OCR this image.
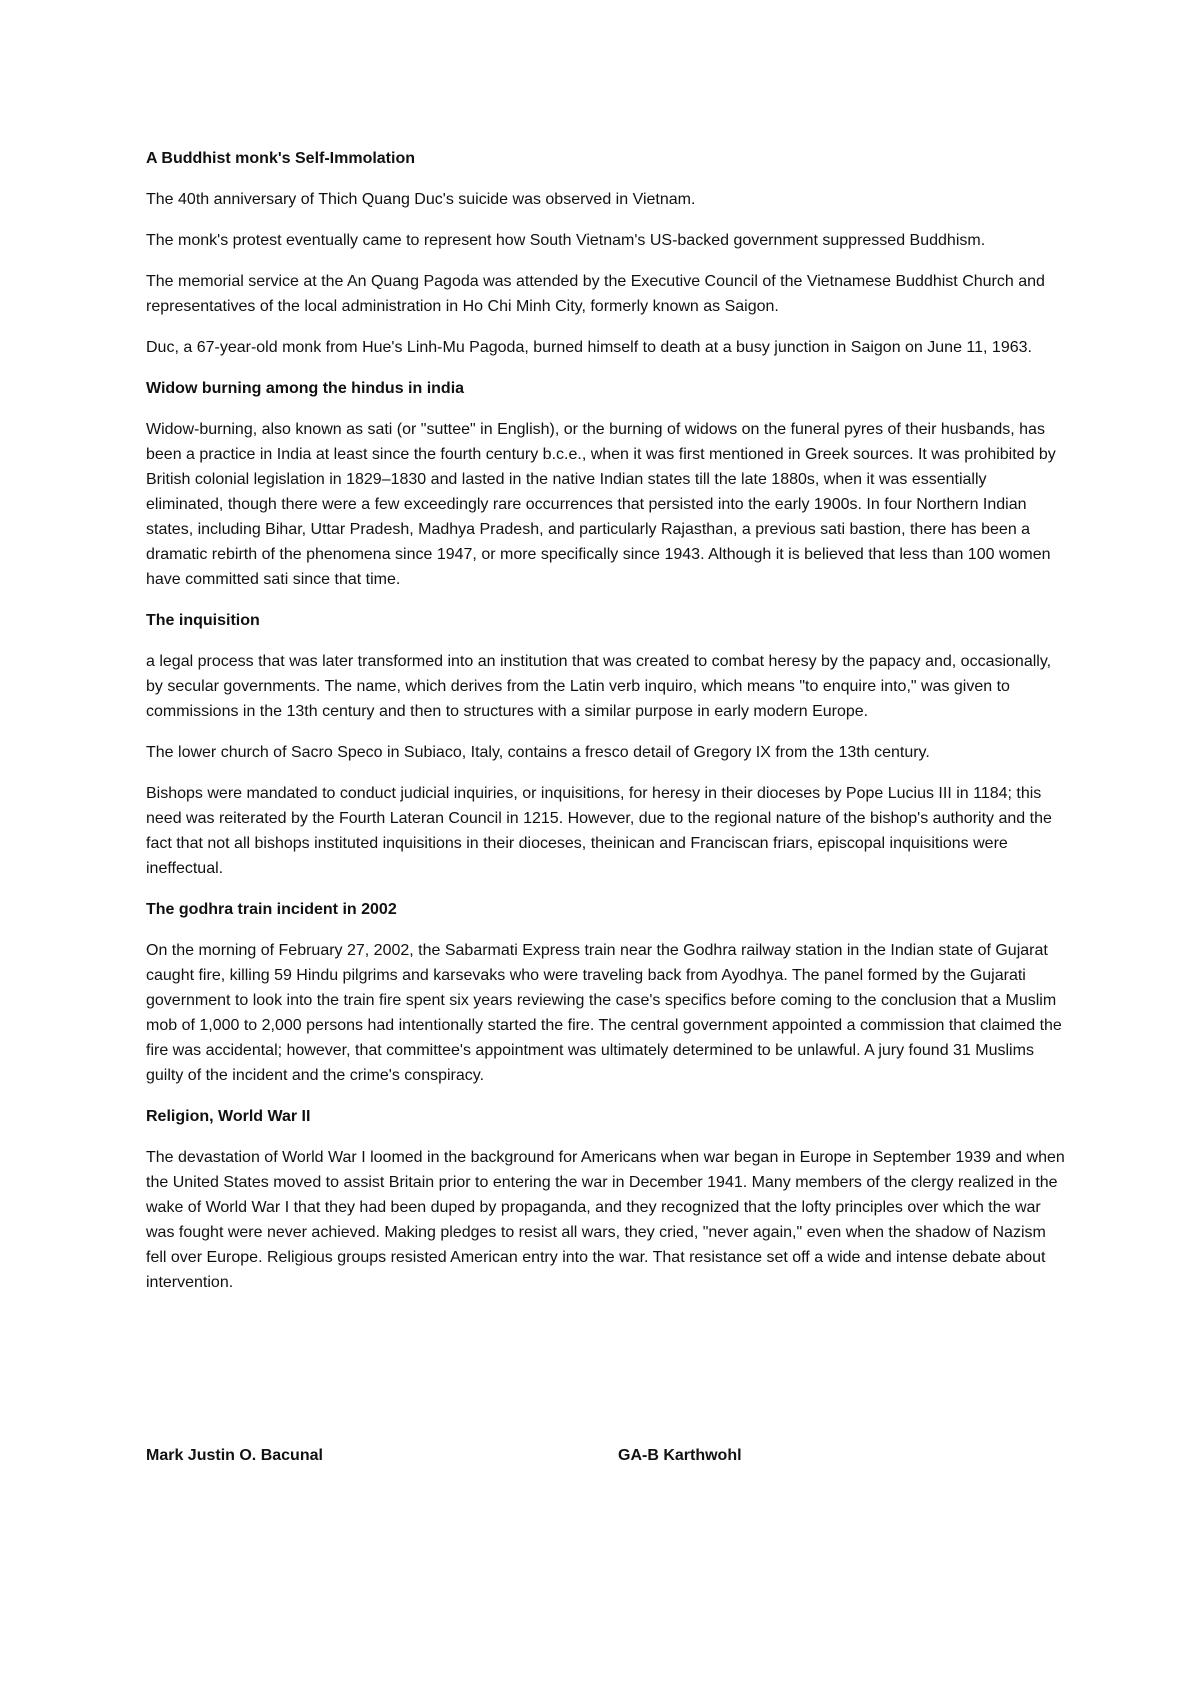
A Buddhist monk's Self-Immolation

The 40th anniversary of Thich Quang Duc's suicide was observed in Vietnam.

The monk's protest eventually came to represent how South Vietnam's US-backed government suppressed Buddhism.

The memorial service at the An Quang Pagoda was attended by the Executive Council of the Vietnamese Buddhist Church and representatives of the local administration in Ho Chi Minh City, formerly known as Saigon.

Duc, a 67-year-old monk from Hue's Linh-Mu Pagoda, burned himself to death at a busy junction in Saigon on June 11, 1963.

Widow burning among the hindus in india

Widow-burning, also known as sati (or "suttee" in English), or the burning of widows on the funeral pyres of their husbands, has been a practice in India at least since the fourth century b.c.e., when it was first mentioned in Greek sources. It was prohibited by British colonial legislation in 1829–1830 and lasted in the native Indian states till the late 1880s, when it was essentially eliminated, though there were a few exceedingly rare occurrences that persisted into the early 1900s. In four Northern Indian states, including Bihar, Uttar Pradesh, Madhya Pradesh, and particularly Rajasthan, a previous sati bastion, there has been a dramatic rebirth of the phenomena since 1947, or more specifically since 1943. Although it is believed that less than 100 women have committed sati since that time.

The inquisition

a legal process that was later transformed into an institution that was created to combat heresy by the papacy and, occasionally, by secular governments. The name, which derives from the Latin verb inquiro, which means "to enquire into," was given to commissions in the 13th century and then to structures with a similar purpose in early modern Europe.

The lower church of Sacro Speco in Subiaco, Italy, contains a fresco detail of Gregory IX from the 13th century.

Bishops were mandated to conduct judicial inquiries, or inquisitions, for heresy in their dioceses by Pope Lucius III in 1184; this need was reiterated by the Fourth Lateran Council in 1215. However, due to the regional nature of the bishop's authority and the fact that not all bishops instituted inquisitions in their dioceses, theinican and Franciscan friars, episcopal inquisitions were ineffectual.

The godhra train incident in 2002

On the morning of February 27, 2002, the Sabarmati Express train near the Godhra railway station in the Indian state of Gujarat caught fire, killing 59 Hindu pilgrims and karsevaks who were traveling back from Ayodhya. The panel formed by the Gujarati government to look into the train fire spent six years reviewing the case's specifics before coming to the conclusion that a Muslim mob of 1,000 to 2,000 persons had intentionally started the fire. The central government appointed a commission that claimed the fire was accidental; however, that committee's appointment was ultimately determined to be unlawful. A jury found 31 Muslims guilty of the incident and the crime's conspiracy.

Religion, World War II

The devastation of World War I loomed in the background for Americans when war began in Europe in September 1939 and when the United States moved to assist Britain prior to entering the war in December 1941. Many members of the clergy realized in the wake of World War I that they had been duped by propaganda, and they recognized that the lofty principles over which the war was fought were never achieved. Making pledges to resist all wars, they cried, "never again," even when the shadow of Nazism fell over Europe. Religious groups resisted American entry into the war. That resistance set off a wide and intense debate about intervention.

Mark Justin O. Bacunal	GA-B Karthwohl
